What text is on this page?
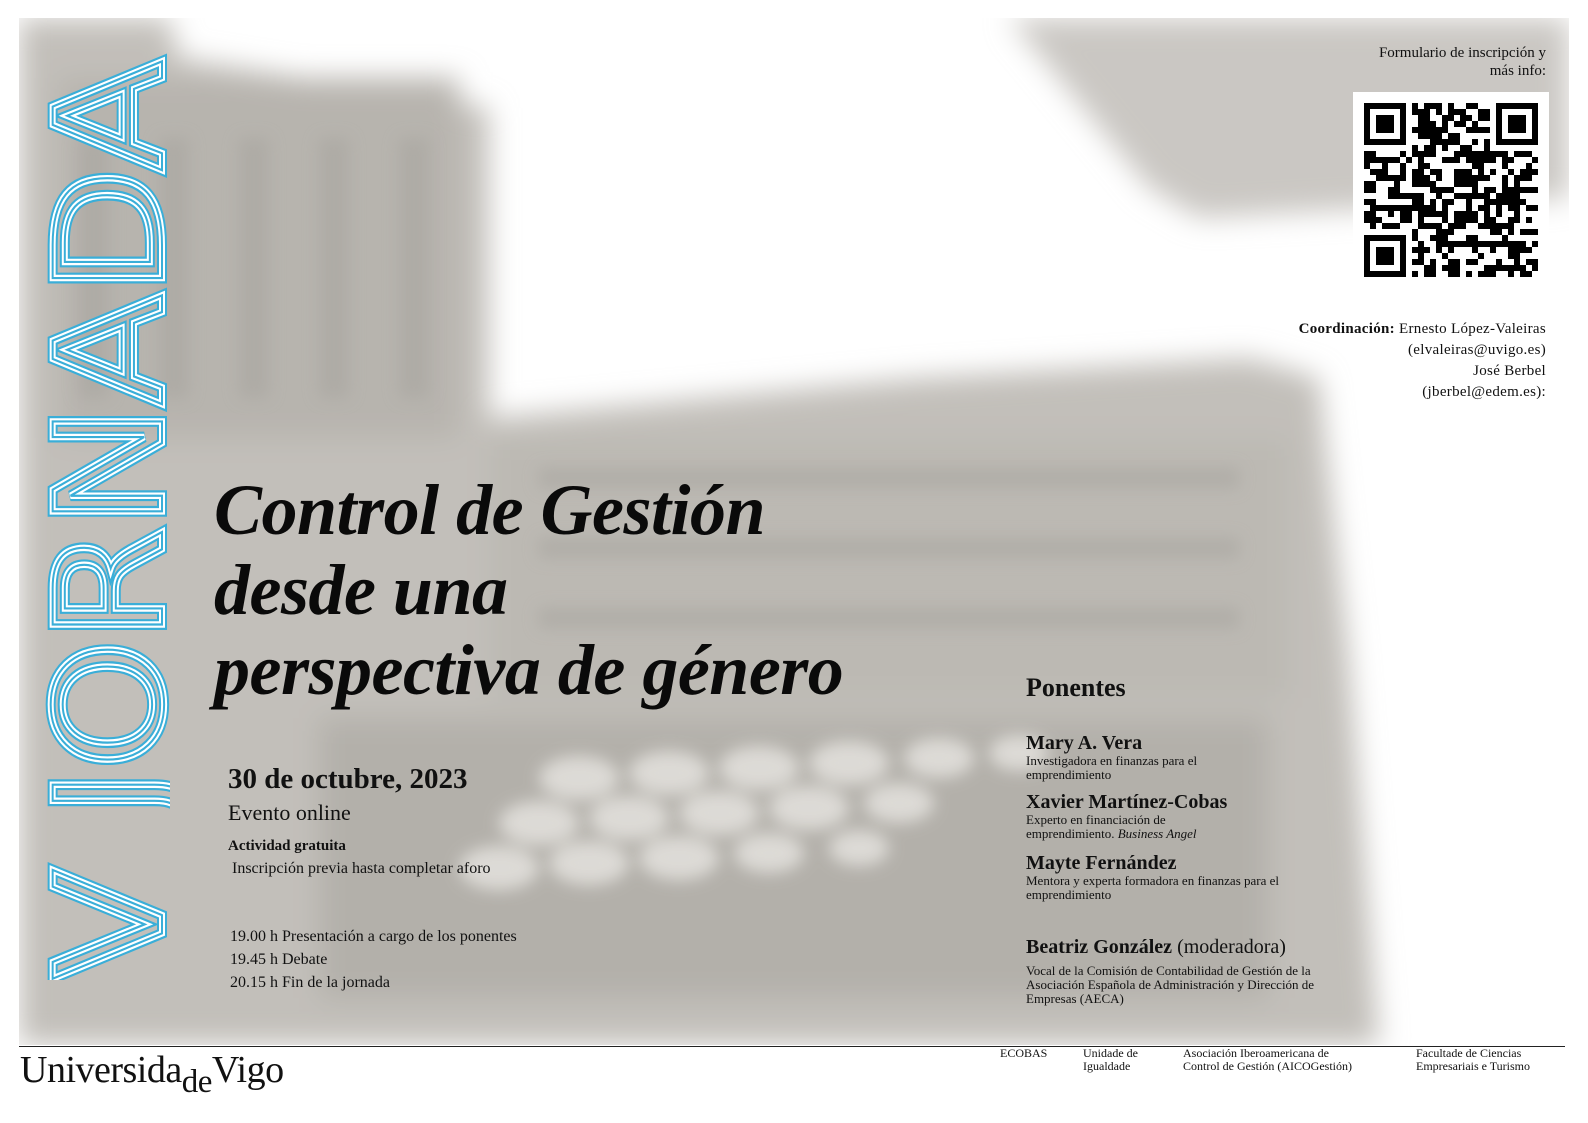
JORNADA
JORNADA
JORNADA Control de Gestión
desde una
perspectiva de género
30 de octubre, 2023
Evento online
Actividad gratuita
Inscripción previa hasta completar aforo
19.00 h Presentación a cargo de los ponentes
19.45 h Debate
20.15 h Fin de la jornada
Formulario de inscripción y
más info:
Coordinación: Ernesto López-Valeiras
(elvaleiras@uvigo.es)
José Berbel
(jberbel@edem.es):
Ponentes
Mary A. Vera
Investigadora en finanzas para el
emprendimiento
Xavier Martínez-Cobas
Experto en financiación de
emprendimiento. Business Angel
Mayte Fernández
Mentora y experta formadora en finanzas para el
emprendimiento
Beatriz González (moderadora)
Vocal de la Comisión de Contabilidad de Gestión de la
Asociación Española de Administración y Dirección de
Empresas (AECA)
UniversidadeVigo	ECOBAS	Unidade de
Igualdade
Asociación Iberoamericana de
Control de Gestión (AICOGestión)
Facultade de Ciencias
Empresariais e Turismo
